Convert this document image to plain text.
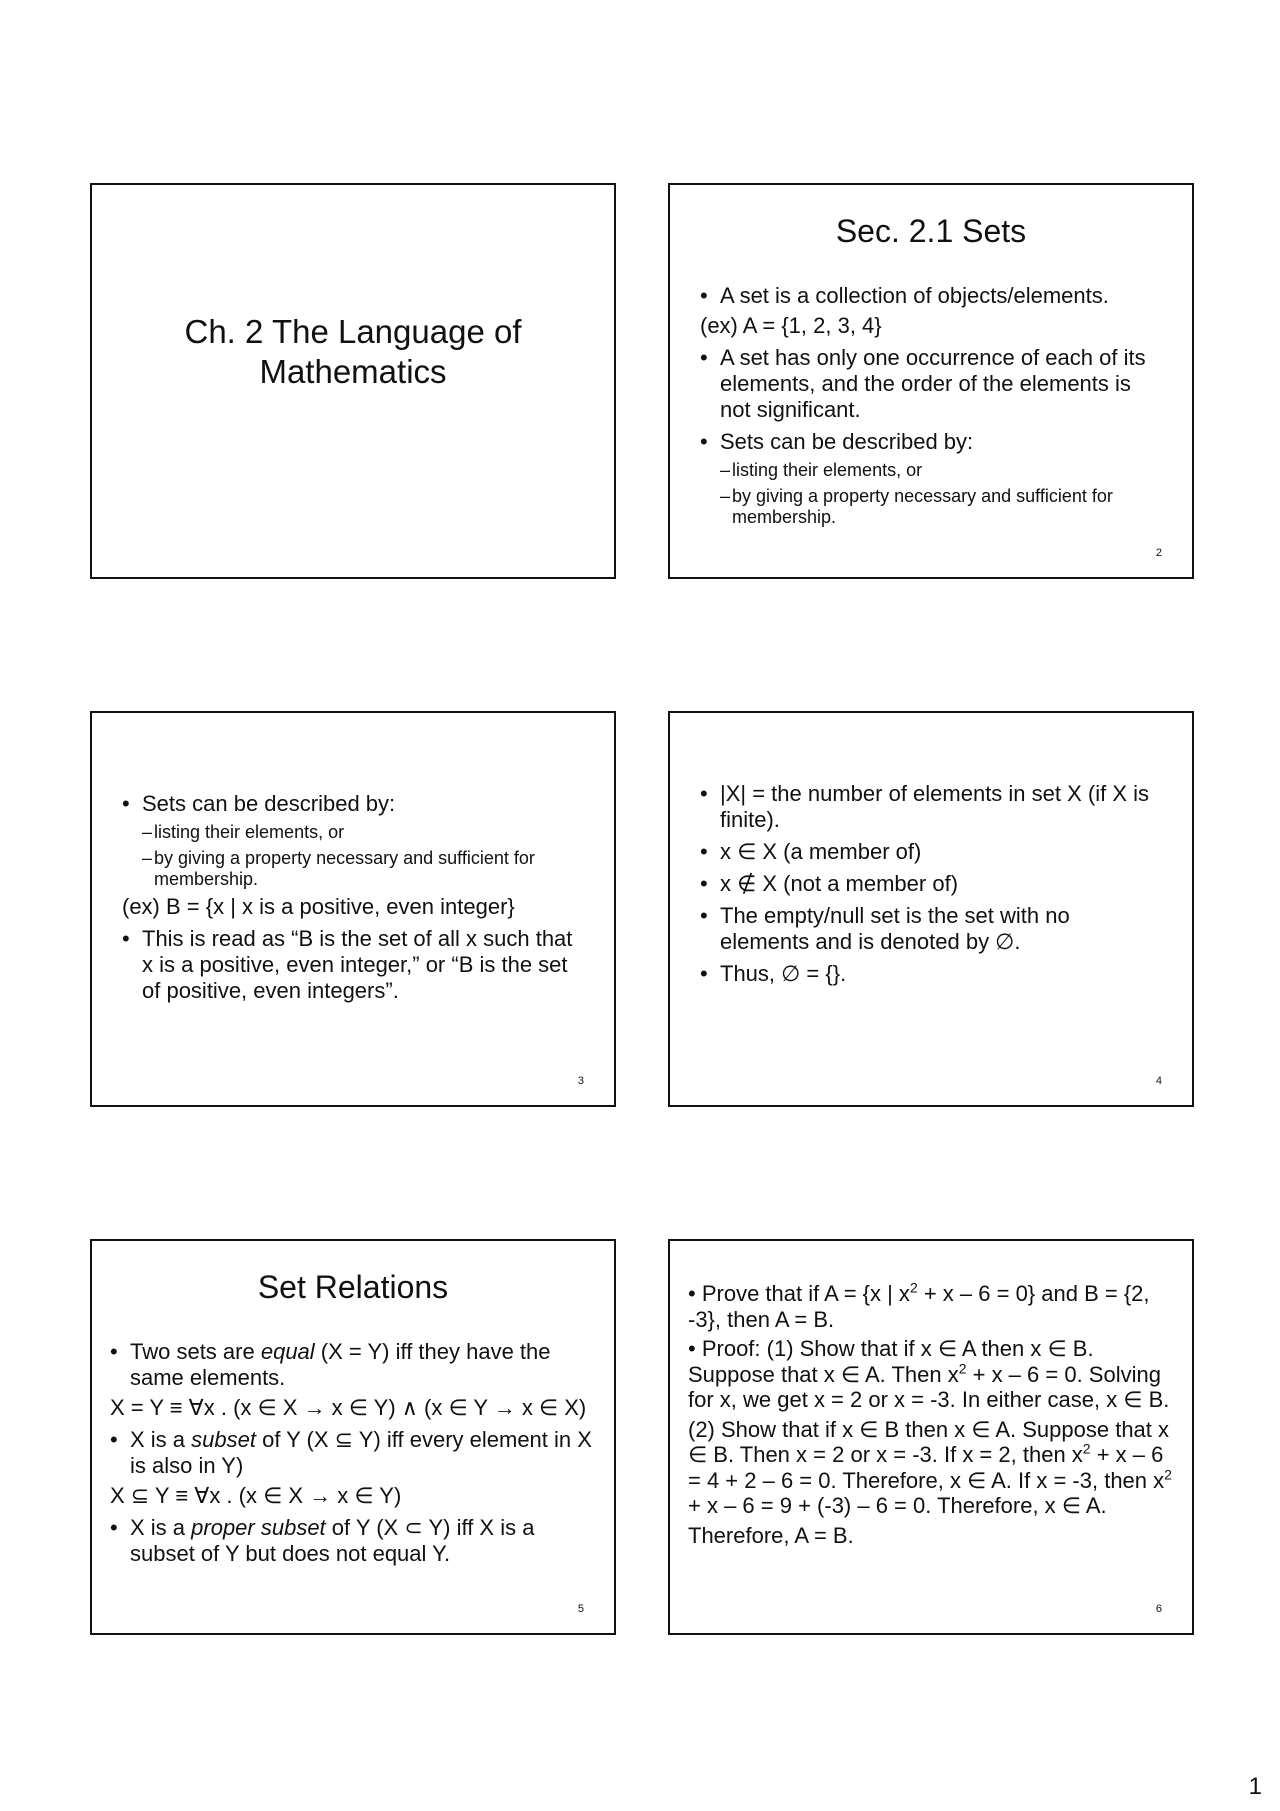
Ch. 2 The Language of
Mathematics
Sec. 2.1 Sets

• A set is a collection of objects/elements.

(ex) A = {1, 2, 3, 4}

• A set has only one occurrence of each of its elements, and the order of the elements is not significant.

• Sets can be described by:

– listing their elements, or

– by giving a property necessary and sufficient for membership.

2

• Sets can be described by:

– listing their elements, or

– by giving a property necessary and sufficient for membership.

(ex) B = {x | x is a positive, even integer}

• This is read as “B is the set of all x such that x is a positive, even integer,” or “B is the set of positive, even integers”.

3

• |X| = the number of elements in set X (if X is finite).

• x ∈ X (a member of)

• x ∉ X (not a member of)

• The empty/null set is the set with no elements and is denoted by ∅.

• Thus, ∅ = {}.

4
Set Relations

• Two sets are equal (X = Y) iff they have the same elements.

X = Y ≡ ∀x . (x ∈ X → x ∈ Y) ∧ (x ∈ Y → x ∈ X)

• X is a subset of Y (X ⊆ Y) iff every element in X is also in Y)

X ⊆ Y ≡ ∀x . (x ∈ X → x ∈ Y)

• X is a proper subset of Y (X ⊂ Y) iff X is a subset of Y but does not equal Y.

5

• Prove that if A = {x | $x^2 + x - 6 = 0$} and B = {2, -3}, then A = B.

• Proof: (1) Show that if x ∈ A then x ∈ B. Suppose that x ∈ A. Then $x^2 + x - 6 = 0$. Solving for x, we get x = 2 or x = -3. In either case, x ∈ B.

(2) Show that if x ∈ B then x ∈ A. Suppose that x ∈ B. Then x = 2 or x = -3. If x = 2, then $x^2 + x - 6 = 4 + 2 - 6 = 0$. Therefore, x ∈ A. If x = -3, then $x^2 + x - 6 = 9 + (-3) - 6 = 0$. Therefore, x ∈ A.

Therefore, A = B.

6
1
